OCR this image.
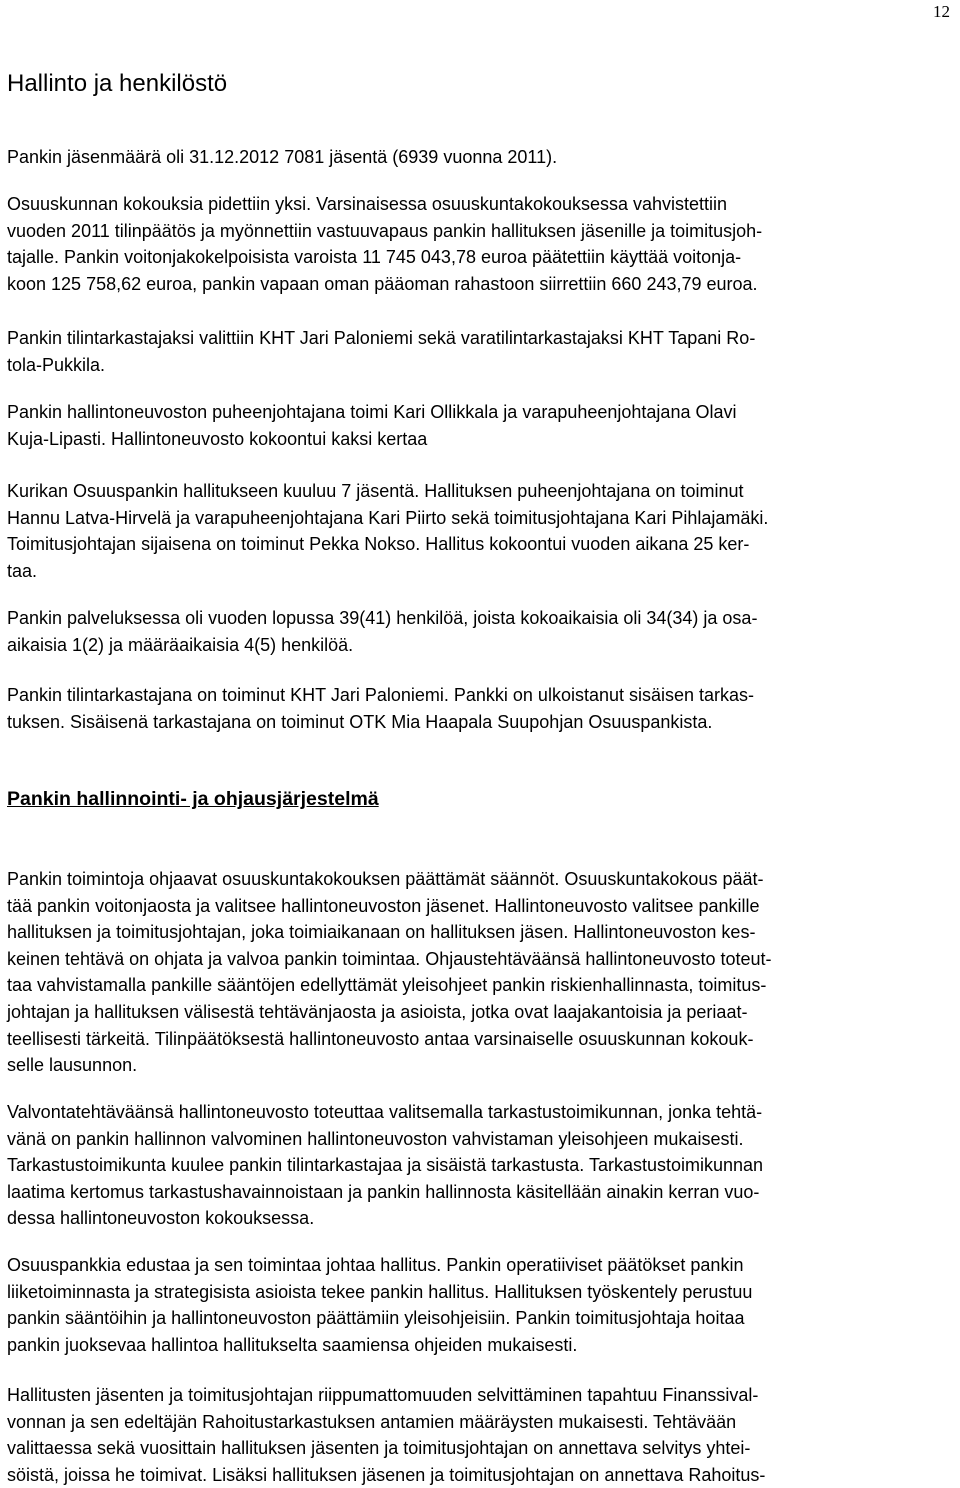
12
Hallinto ja henkilöstö

Pankin jäsenmäärä oli 31.12.2012 7081 jäsentä (6939 vuonna 2011).

Osuuskunnan kokouksia pidettiin yksi. Varsinaisessa osuuskuntakokouksessa vahvistettiin
vuoden 2011 tilinpäätös ja myönnettiin vastuuvapaus pankin hallituksen jäsenille ja toimitusjoh-
tajalle. Pankin voitonjakokelpoisista varoista 11 745 043,78 euroa päätettiin käyttää voitonja-
koon 125 758,62 euroa, pankin vapaan oman pääoman rahastoon siirrettiin 660 243,79 euroa.

Pankin tilintarkastajaksi valittiin KHT Jari Paloniemi sekä varatilintarkastajaksi KHT Tapani Ro-
tola-Pukkila.

Pankin hallintoneuvoston puheenjohtajana toimi Kari Ollikkala ja varapuheenjohtajana Olavi
Kuja-Lipasti. Hallintoneuvosto kokoontui kaksi kertaa

Kurikan Osuuspankin hallitukseen kuuluu 7 jäsentä. Hallituksen puheenjohtajana on toiminut
Hannu Latva-Hirvelä ja varapuheenjohtajana Kari Piirto sekä toimitusjohtajana Kari Pihlajamäki.
Toimitusjohtajan sijaisena on toiminut Pekka Nokso. Hallitus kokoontui vuoden aikana 25 ker-
taa.

Pankin palveluksessa oli vuoden lopussa 39(41) henkilöä, joista kokoaikaisia oli 34(34) ja osa-
aikaisia 1(2) ja määräaikaisia 4(5) henkilöä.

Pankin tilintarkastajana on toiminut KHT Jari Paloniemi. Pankki on ulkoistanut sisäisen tarkas-
tuksen. Sisäisenä tarkastajana on toiminut OTK Mia Haapala Suupohjan Osuuspankista.

Pankin hallinnointi- ja ohjausjärjestelmä

Pankin toimintoja ohjaavat osuuskuntakokouksen päättämät säännöt. Osuuskuntakokous päät-
tää pankin voitonjaosta ja valitsee hallintoneuvoston jäsenet. Hallintoneuvosto valitsee pankille
hallituksen ja toimitusjohtajan, joka toimiaikanaan on hallituksen jäsen. Hallintoneuvoston kes-
keinen tehtävä on ohjata ja valvoa pankin toimintaa. Ohjaustehtäväänsä hallintoneuvosto toteut-
taa vahvistamalla pankille sääntöjen edellyttämät yleisohjeet pankin riskienhallinnasta, toimitus-
johtajan ja hallituksen välisestä tehtävänjaosta ja asioista, jotka ovat laajakantoisia ja periaat-
teellisesti tärkeitä. Tilinpäätöksestä hallintoneuvosto antaa varsinaiselle osuuskunnan kokouk-
selle lausunnon.

Valvontatehtäväänsä hallintoneuvosto toteuttaa valitsemalla tarkastustoimikunnan, jonka tehtä-
vänä on pankin hallinnon valvominen hallintoneuvoston vahvistaman yleisohjeen mukaisesti.
Tarkastustoimikunta kuulee pankin tilintarkastajaa ja sisäistä tarkastusta. Tarkastustoimikunnan
laatima kertomus tarkastushavainnoistaan ja pankin hallinnosta käsitellään ainakin kerran vuo-
dessa hallintoneuvoston kokouksessa.

Osuuspankkia edustaa ja sen toimintaa johtaa hallitus. Pankin operatiiviset päätökset pankin
liiketoiminnasta ja strategisista asioista tekee pankin hallitus. Hallituksen työskentely perustuu
pankin sääntöihin ja hallintoneuvoston päättämiin yleisohjeisiin. Pankin toimitusjohtaja hoitaa
pankin juoksevaa hallintoa hallitukselta saamiensa ohjeiden mukaisesti.

Hallitusten jäsenten ja toimitusjohtajan riippumattomuuden selvittäminen tapahtuu Finanssival-
vonnan ja sen edeltäjän Rahoitustarkastuksen antamien määräysten mukaisesti. Tehtävään
valittaessa sekä vuosittain hallituksen jäsenten ja toimitusjohtajan on annettava selvitys yhtei-
söistä, joissa he toimivat. Lisäksi hallituksen jäsenen ja toimitusjohtajan on annettava Rahoitus-
